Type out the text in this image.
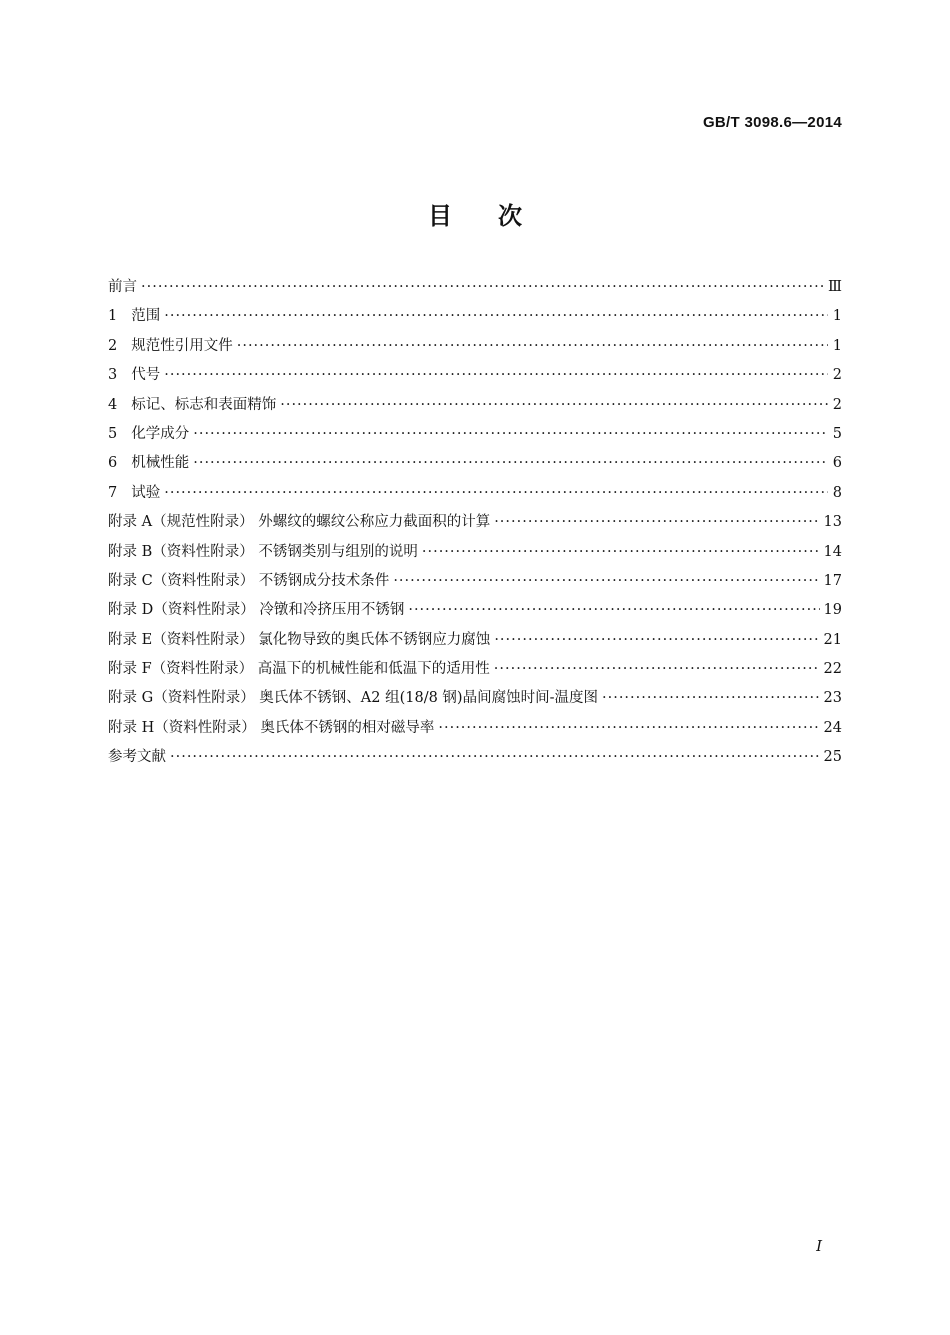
GB/T 3098.6—2014
目次
前言 ·····	Ⅲ
1 范围 ·····	1
2 规范性引用文件 ·····	1
3 代号 ·····	2
4 标记、标志和表面精饰 ·····	2
5 化学成分 ·····	5
6 机械性能 ·····	6
7 试验 ·····	8
附录 A（规范性附录） 外螺纹的螺纹公称应力截面积的计算 ·····	13
附录 B（资料性附录） 不锈钢类别与组别的说明 ·····	14
附录 C（资料性附录） 不锈钢成分技术条件 ·····	17
附录 D（资料性附录） 冷镦和冷挤压用不锈钢 ·····	19
附录 E（资料性附录） 氯化物导致的奥氏体不锈钢应力腐蚀 ·····	21
附录 F（资料性附录） 高温下的机械性能和低温下的适用性 ·····	22
附录 G（资料性附录） 奥氏体不锈钢、A2 组(18/8 钢)晶间腐蚀时间-温度图 ·····	23
附录 H（资料性附录） 奥氏体不锈钢的相对磁导率 ·····	24
参考文献 ·····	25
I
